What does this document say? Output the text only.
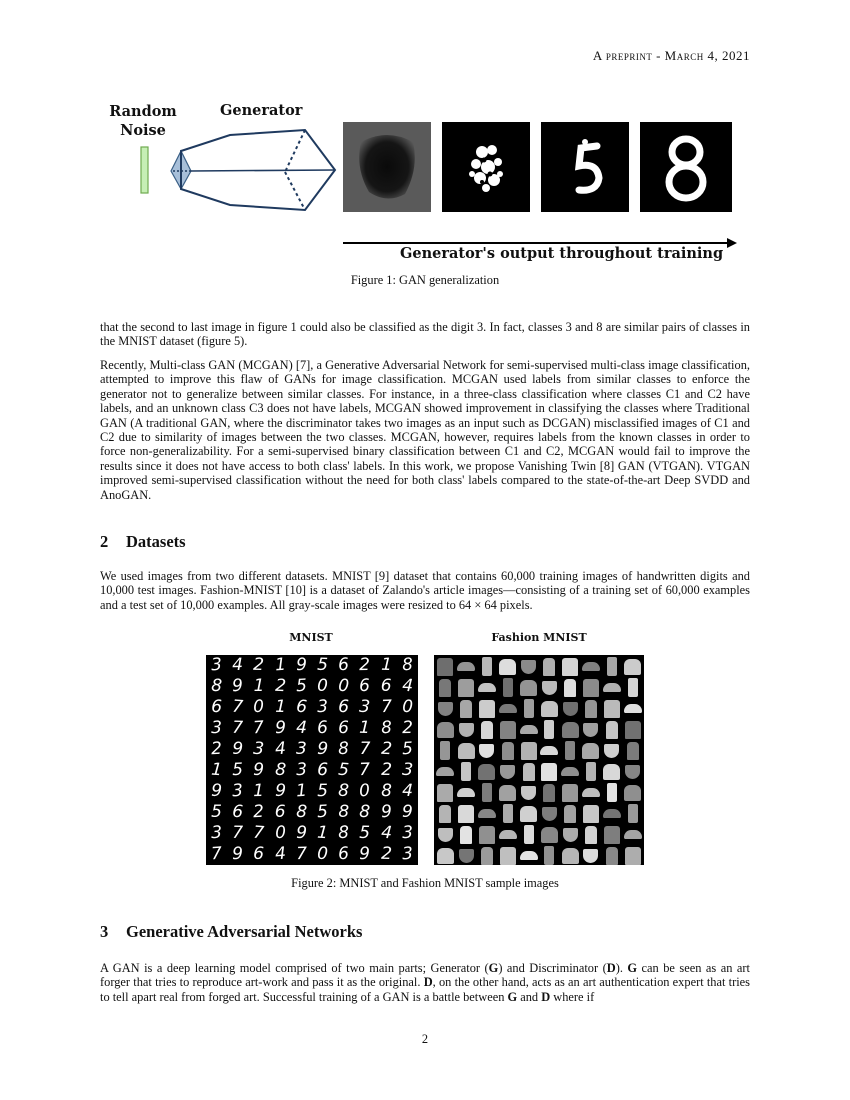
A preprint - March 4, 2021
Random Noise
Generator
Generator's output throughout training
Figure 1: GAN generalization

that the second to last image in figure 1 could also be classified as the digit 3. In fact, classes 3 and 8 are similar pairs of classes in the MNIST dataset (figure 5).

Recently, Multi-class GAN (MCGAN) [7], a Generative Adversarial Network for semi-supervised multi-class image classification, attempted to improve this flaw of GANs for image classification. MCGAN used labels from similar classes to enforce the generator not to generalize between similar classes. For instance, in a three-class classification where classes C1 and C2 have labels, and an unknown class C3 does not have labels, MCGAN showed improvement in classifying the classes where Traditional GAN (A traditional GAN, where the discriminator takes two images as an input such as DCGAN) misclassified images of C1 and C2 due to similarity of images between the two classes. MCGAN, however, requires labels from the known classes in order to force non-generalizability. For a semi-supervised binary classification between C1 and C2, MCGAN would fail to improve the results since it does not have access to both class' labels. In this work, we propose Vanishing Twin [8] GAN (VTGAN). VTGAN improved semi-supervised classification without the need for both class' labels compared to the state-of-the-art Deep SVDD and AnoGAN.

2 Datasets

We used images from two different datasets. MNIST [9] dataset that contains 60,000 training images of handwritten digits and 10,000 test images. Fashion-MNIST [10] is a dataset of Zalando's article images—consisting of a training set of 60,000 examples and a test set of 10,000 examples. All gray-scale images were resized to 64 × 64 pixels.

MNIST	Fashion MNIST
3 4 2 1 9 5 6 2 1 8
8 9 1 2 5 0 0 6 6 4
6 7 0 1 6 3 6 3 7 0
3 7 7 9 4 6 6 1 8 2
2 9 3 4 3 9 8 7 2 5
1 5 9 8 3 6 5 7 2 3
9 3 1 9 1 5 8 0 8 4
5 6 2 6 8 5 8 8 9 9
3 7 7 0 9 1 8 5 4 3
7 9 6 4 7 0 6 9 2 3
Figure 2: MNIST and Fashion MNIST sample images
3 Generative Adversarial Networks

A GAN is a deep learning model comprised of two main parts; Generator (G) and Discriminator (D). G can be seen as an art forger that tries to reproduce art-work and pass it as the original. D, on the other hand, acts as an art authentication expert that tries to tell apart real from forged art. Successful training of a GAN is a battle between G and D where if

2
